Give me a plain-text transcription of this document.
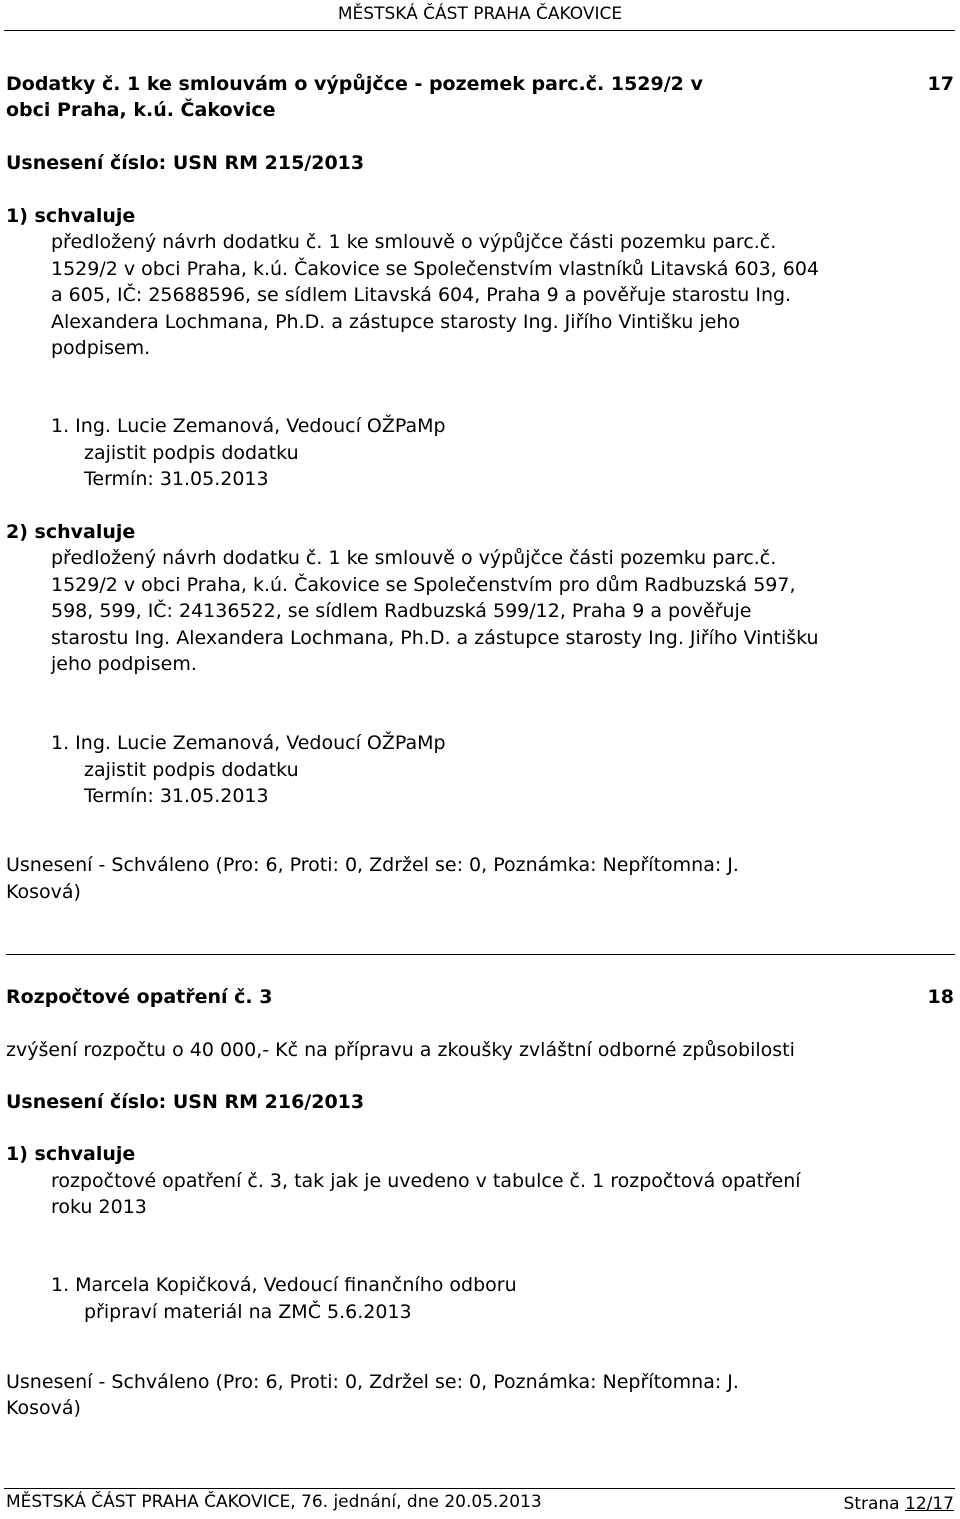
MĚSTSKÁ ČÁST PRAHA ČAKOVICE
Dodatky č. 1 ke smlouvám o výpůjčce - pozemek parc.č. 1529/2 v
obci Praha, k.ú. Čakovice
17
Usnesení číslo: USN RM 215/2013
1) schvaluje
předložený návrh dodatku č. 1 ke smlouvě o výpůjčce části pozemku parc.č.
1529/2 v obci Praha, k.ú. Čakovice se Společenstvím vlastníků Litavská 603, 604
a 605, IČ: 25688596, se sídlem Litavská 604, Praha 9 a pověřuje starostu Ing.
Alexandera Lochmana, Ph.D. a zástupce starosty Ing. Jiřího Vintišku jeho
podpisem.
1. Ing. Lucie Zemanová, Vedoucí OŽPaMp
zajistit podpis dodatku
Termín: 31.05.2013
2) schvaluje
předložený návrh dodatku č. 1 ke smlouvě o výpůjčce části pozemku parc.č.
1529/2 v obci Praha, k.ú. Čakovice se Společenstvím pro dům Radbuzská 597,
598, 599, IČ: 24136522, se sídlem Radbuzská 599/12, Praha 9 a pověřuje
starostu Ing. Alexandera Lochmana, Ph.D. a zástupce starosty Ing. Jiřího Vintišku
jeho podpisem.
1. Ing. Lucie Zemanová, Vedoucí OŽPaMp
zajistit podpis dodatku
Termín: 31.05.2013
Usnesení - Schváleno (Pro: 6, Proti: 0, Zdržel se: 0, Poznámka: Nepřítomna: J.
Kosová)
Rozpočtové opatření č. 3	18
zvýšení rozpočtu o 40 000,- Kč na přípravu a zkoušky zvláštní odborné způsobilosti
Usnesení číslo: USN RM 216/2013
1) schvaluje
rozpočtové opatření č. 3, tak jak je uvedeno v tabulce č. 1 rozpočtová opatření
roku 2013
1. Marcela Kopičková, Vedoucí finančního odboru
připraví materiál na ZMČ 5.6.2013
Usnesení - Schváleno (Pro: 6, Proti: 0, Zdržel se: 0, Poznámka: Nepřítomna: J.
Kosová)
MĚSTSKÁ ČÁST PRAHA ČAKOVICE, 76. jednání, dne 20.05.2013	Strana 12/17
